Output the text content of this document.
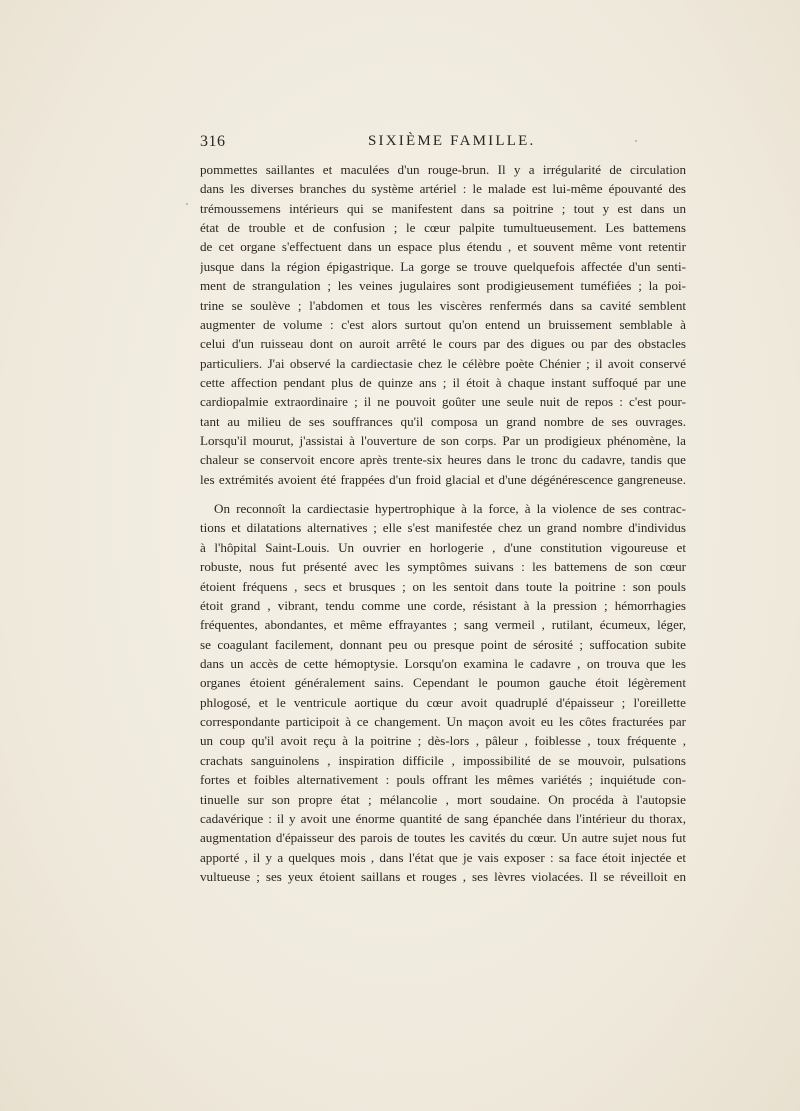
316	SIXIÈME FAMILLE.
pommettes saillantes et maculées d'un rouge-brun. Il y a irrégularité de circulation
dans les diverses branches du système artériel : le malade est lui-même épouvanté des
trémoussemens intérieurs qui se manifestent dans sa poitrine ; tout y est dans un
état de trouble et de confusion ; le cœur palpite tumultueusement. Les battemens
de cet organe s'effectuent dans un espace plus étendu , et souvent même vont retentir
jusque dans la région épigastrique. La gorge se trouve quelquefois affectée d'un senti-
ment de strangulation ; les veines jugulaires sont prodigieusement tuméfiées ; la poi-
trine se soulève ; l'abdomen et tous les viscères renfermés dans sa cavité semblent
augmenter de volume : c'est alors surtout qu'on entend un bruissement semblable à
celui d'un ruisseau dont on auroit arrêté le cours par des digues ou par des obstacles
particuliers. J'ai observé la cardiectasie chez le célèbre poète Chénier ; il avoit conservé
cette affection pendant plus de quinze ans ; il étoit à chaque instant suffoqué par une
cardiopalmie extraordinaire ; il ne pouvoit goûter une seule nuit de repos : c'est pour-
tant au milieu de ses souffrances qu'il composa un grand nombre de ses ouvrages.
Lorsqu'il mourut, j'assistai à l'ouverture de son corps. Par un prodigieux phénomène, la
chaleur se conservoit encore après trente-six heures dans le tronc du cadavre, tandis que
les extrémités avoient été frappées d'un froid glacial et d'une dégénérescence gangreneuse.
On reconnoît la cardiectasie hypertrophique à la force, à la violence de ses contrac-
tions et dilatations alternatives ; elle s'est manifestée chez un grand nombre d'individus
à l'hôpital Saint-Louis. Un ouvrier en horlogerie , d'une constitution vigoureuse et
robuste, nous fut présenté avec les symptômes suivans : les battemens de son cœur
étoient fréquens , secs et brusques ; on les sentoit dans toute la poitrine : son pouls
étoit grand , vibrant, tendu comme une corde, résistant à la pression ; hémorrhagies
fréquentes, abondantes, et même effrayantes ; sang vermeil , rutilant, écumeux, léger,
se coagulant facilement, donnant peu ou presque point de sérosité ; suffocation subite
dans un accès de cette hémoptysie. Lorsqu'on examina le cadavre , on trouva que les
organes étoient généralement sains. Cependant le poumon gauche étoit légèrement
phlogosé, et le ventricule aortique du cœur avoit quadruplé d'épaisseur ; l'oreillette
correspondante participoit à ce changement. Un maçon avoit eu les côtes fracturées par
un coup qu'il avoit reçu à la poitrine ; dès-lors , pâleur , foiblesse , toux fréquente ,
crachats sanguinolens , inspiration difficile , impossibilité de se mouvoir, pulsations
fortes et foibles alternativement : pouls offrant les mêmes variétés ; inquiétude con-
tinuelle sur son propre état ; mélancolie , mort soudaine. On procéda à l'autopsie
cadavérique : il y avoit une énorme quantité de sang épanchée dans l'intérieur du thorax,
augmentation d'épaisseur des parois de toutes les cavités du cœur. Un autre sujet nous fut
apporté , il y a quelques mois , dans l'état que je vais exposer : sa face étoit injectée et
vultueuse ; ses yeux étoient saillans et rouges , ses lèvres violacées. Il se réveilloit en
